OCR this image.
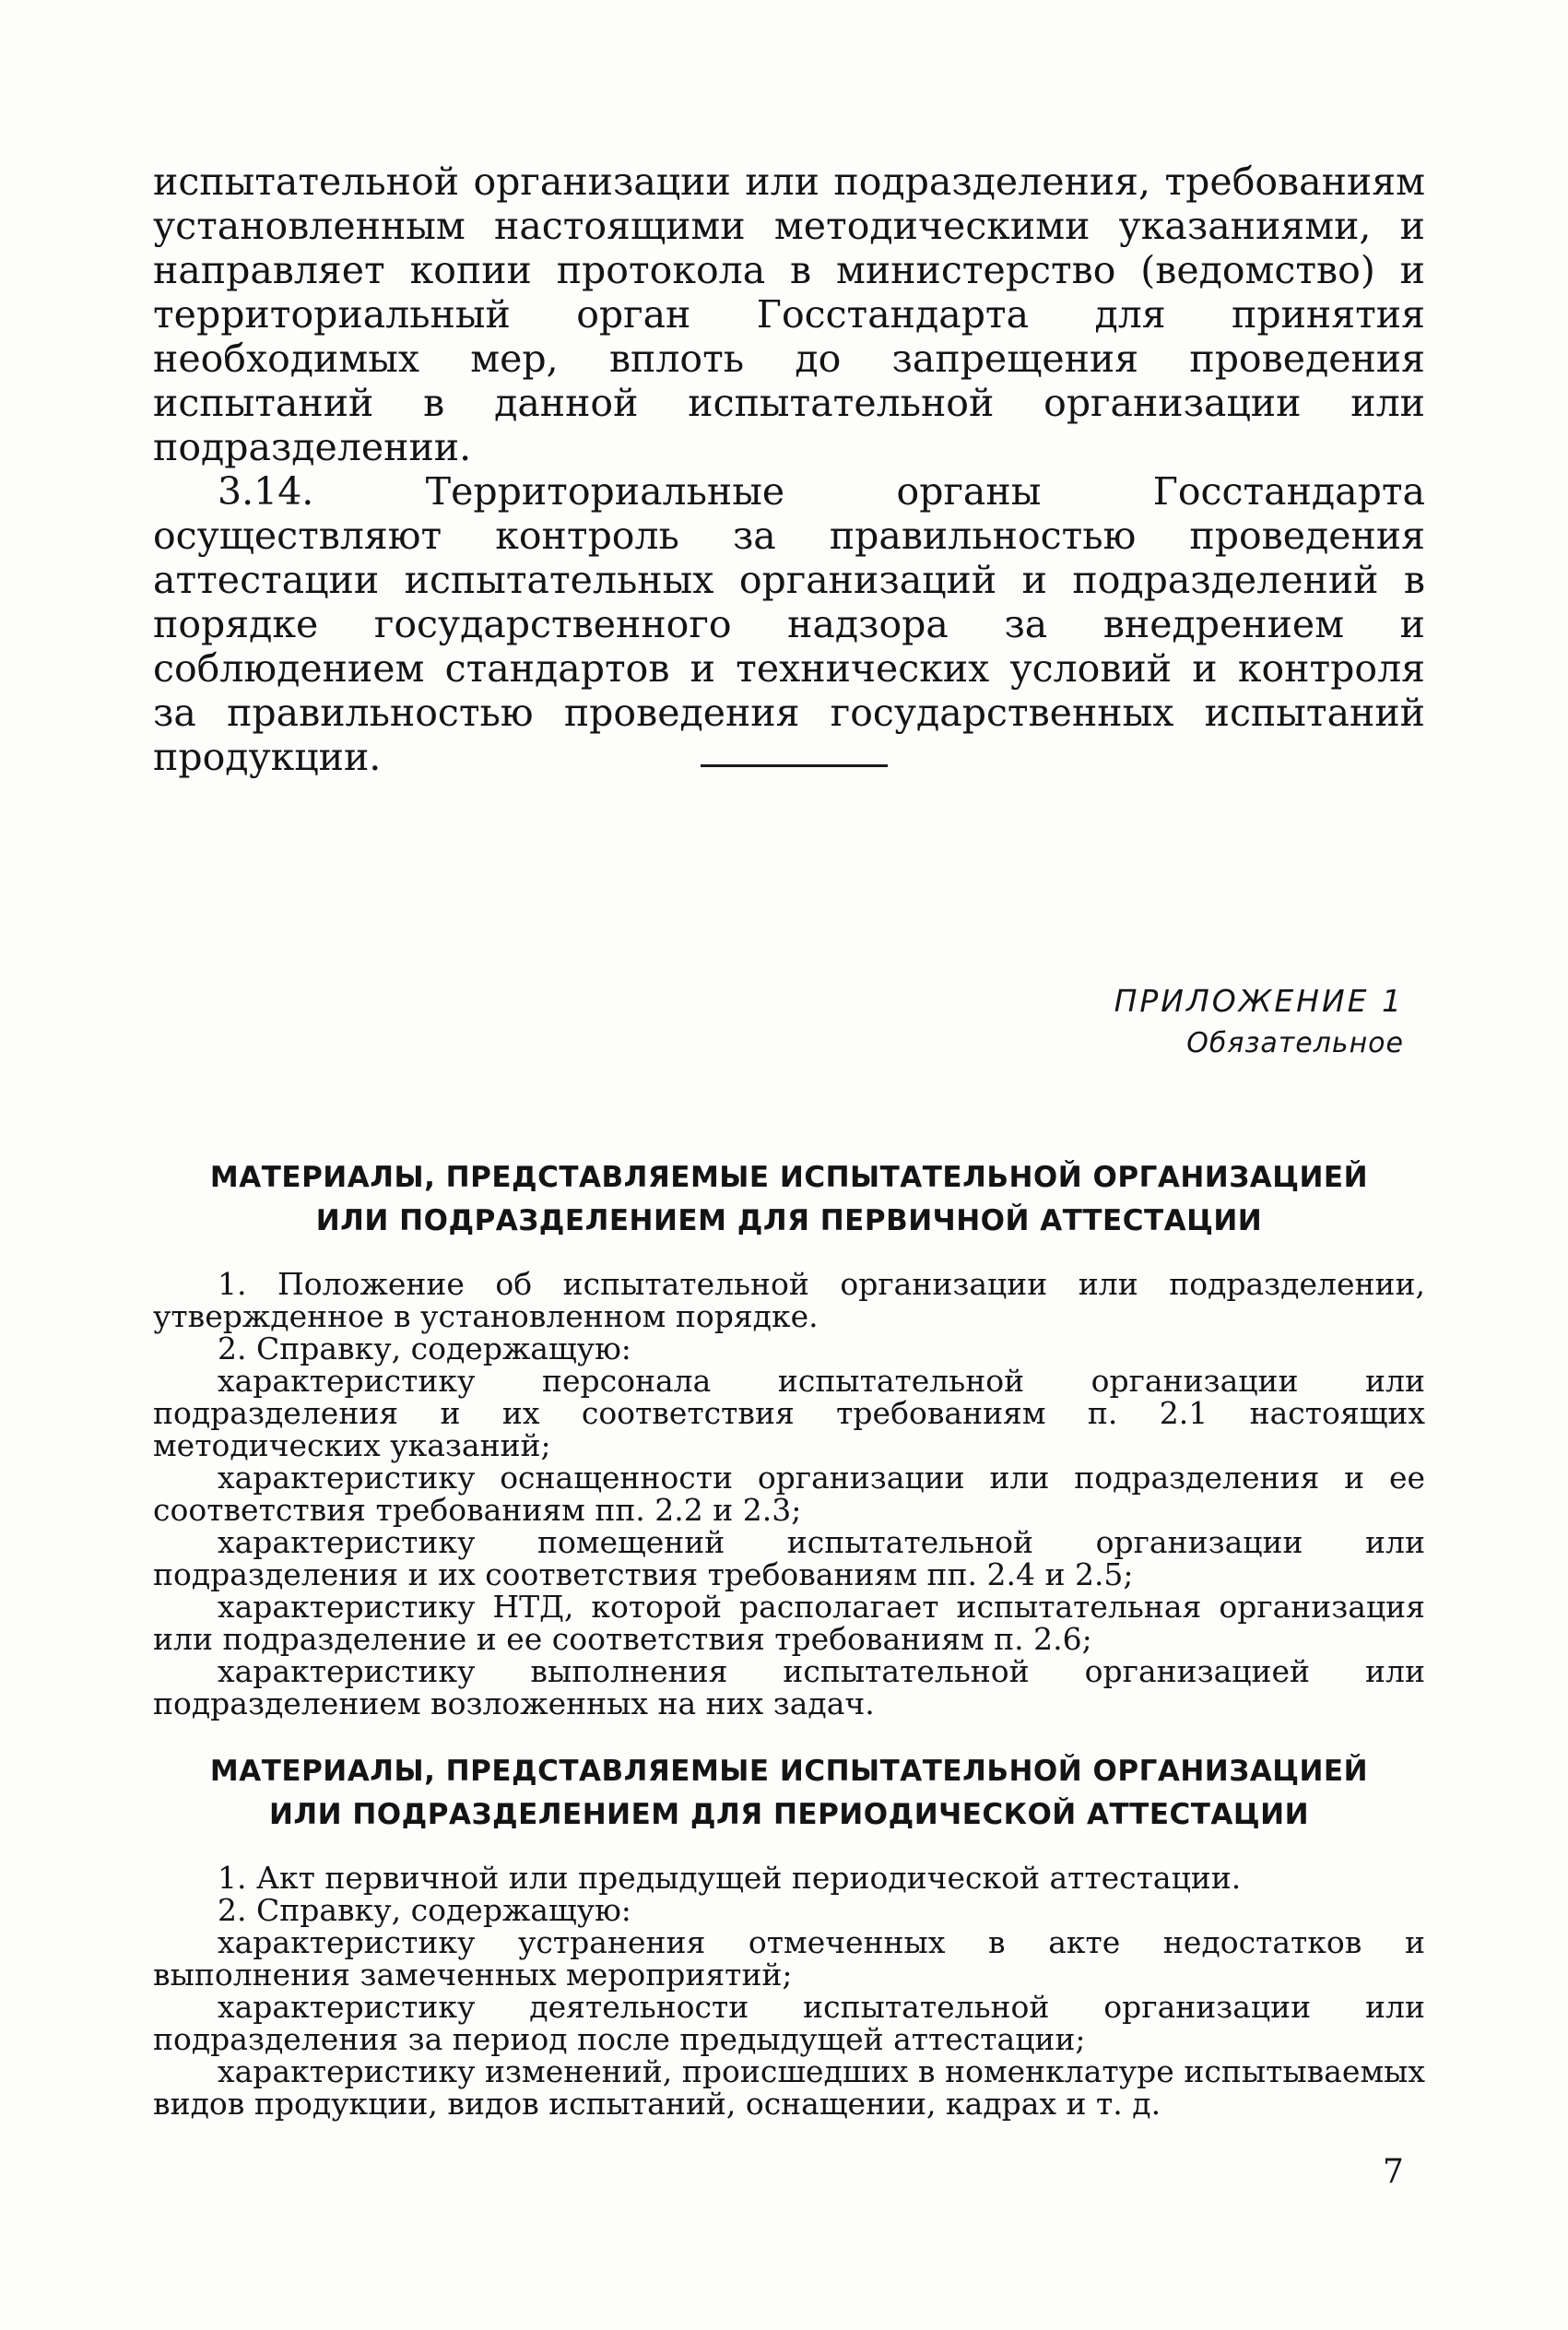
испытательной организации или подразделения, требованиям установленным настоящими методическими указаниями, и направляет копии протокола в министерство (ведомство) и территориальный орган Госстандарта для принятия необходимых мер, вплоть до запрещения проведения испытаний в данной испытательной организации или подразделении.

3.14. Территориальные органы Госстандарта осуществляют контроль за правильностью проведения аттестации испытательных организаций и подразделений в порядке государственного надзора за внедрением и соблюдением стандартов и технических условий и контроля за правильностью проведения государственных испытаний продукции.

ПРИЛОЖЕНИЕ 1
Обязательное
МАТЕРИАЛЫ, ПРЕДСТАВЛЯЕМЫЕ ИСПЫТАТЕЛЬНОЙ ОРГАНИЗАЦИЕЙ
ИЛИ ПОДРАЗДЕЛЕНИЕМ ДЛЯ ПЕРВИЧНОЙ АТТЕСТАЦИИ

1. Положение об испытательной организации или подразделении, утвержденное в установленном порядке.

2. Справку, содержащую:

характеристику персонала испытательной организации или подразделения и их соответствия требованиям п. 2.1 настоящих методических указаний;

характеристику оснащенности организации или подразделения и ее соответствия требованиям пп. 2.2 и 2.3;

характеристику помещений испытательной организации или подразделения и их соответствия требованиям пп. 2.4 и 2.5;

характеристику НТД, которой располагает испытательная организация или подразделение и ее соответствия требованиям п. 2.6;

характеристику выполнения испытательной организацией или подразделением возложенных на них задач.

МАТЕРИАЛЫ, ПРЕДСТАВЛЯЕМЫЕ ИСПЫТАТЕЛЬНОЙ ОРГАНИЗАЦИЕЙ
ИЛИ ПОДРАЗДЕЛЕНИЕМ ДЛЯ ПЕРИОДИЧЕСКОЙ АТТЕСТАЦИИ

1. Акт первичной или предыдущей периодической аттестации.

2. Справку, содержащую:

характеристику устранения отмеченных в акте недостатков и выполнения замеченных мероприятий;

характеристику деятельности испытательной организации или подразделения за период после предыдущей аттестации;

характеристику изменений, происшедших в номенклатуре испытываемых видов продукции, видов испытаний, оснащении, кадрах и т. д.

7
